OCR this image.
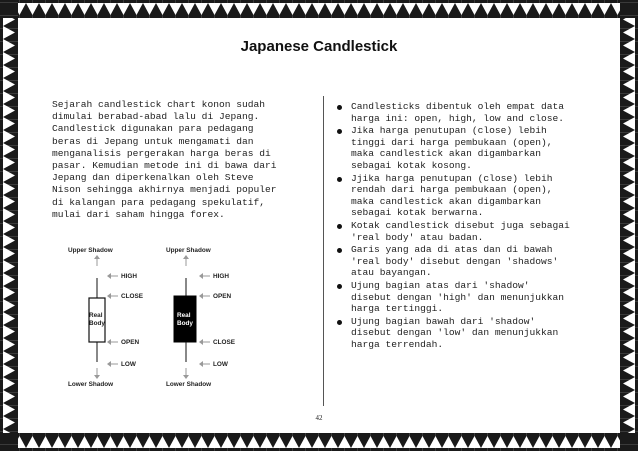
Japanese Candlestick
Sejarah candlestick chart konon sudah
dimulai berabad-abad lalu di Jepang.
Candlestick digunakan para pedagang
beras di Jepang untuk mengamati dan
menganalisis pergerakan harga beras di
pasar. Kemudian metode ini di bawa dari
Jepang dan diperkenalkan oleh Steve
Nison sehingga akhirnya menjadi populer
di kalangan para pedagang spekulatif,
mulai dari saham hingga forex.
Candlesticks dibentuk oleh empat data
harga ini: open, high, low and close.
Jika harga penutupan (close) lebih
tinggi dari harga pembukaan (open),
maka candlestick akan digambarkan
sebagai kotak kosong.
Jjika harga penutupan (close) lebih
rendah dari harga pembukaan (open),
maka candlestick akan digambarkan
sebagai kotak berwarna.
Kotak candlestick disebut juga sebagai
'real body' atau badan.
Garis yang ada di atas dan di bawah
'real body' disebut dengan 'shadows'
atau bayangan.
Ujung bagian atas dari 'shadow'
disebut dengan 'high' dan menunjukkan
harga tertinggi.
Ujung bagian bawah dari 'shadow'
disebut dengan 'low' dan menunjukkan
harga terrendah.
Upper Shadow
Real
Body
Lower Shadow
HIGH
CLOSE
OPEN
LOW
Upper Shadow
Real
Body
Lower Shadow
HIGH
OPEN
CLOSE
LOW
42
